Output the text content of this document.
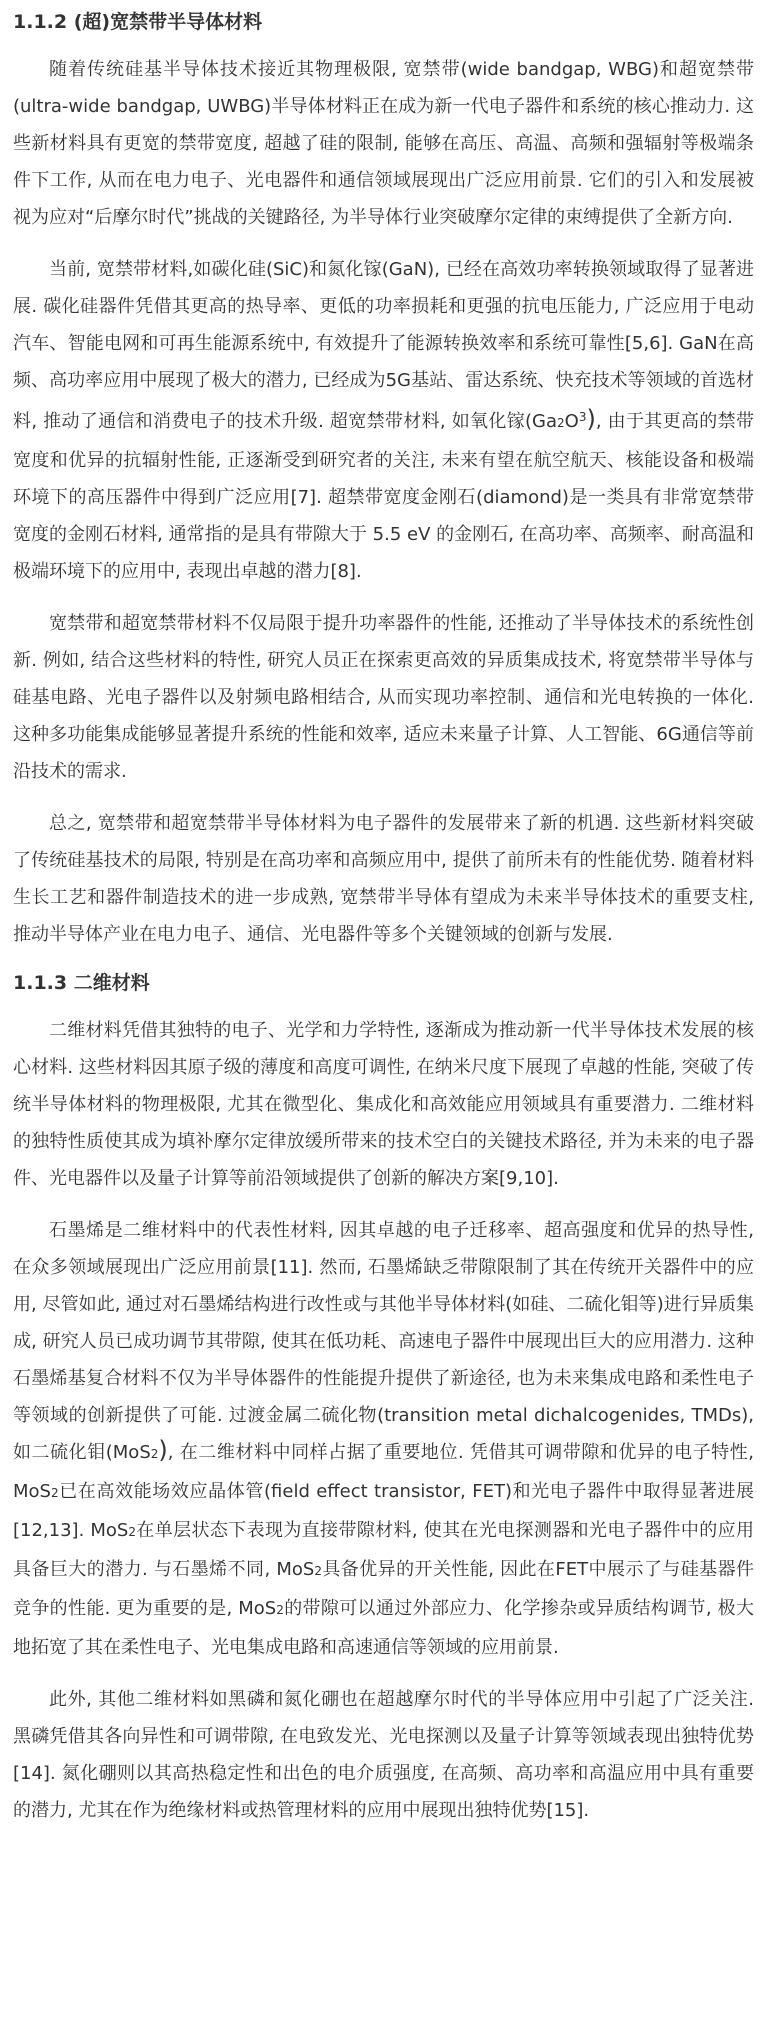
1.1.2 (超)宽禁带半导体材料

随着传统硅基半导体技术接近其物理极限, 宽禁带(wide bandgap, WBG)和超宽禁带(ultra-wide bandgap, UWBG)半导体材料正在成为新一代电子器件和系统的核心推动力. 这些新材料具有更宽的禁带宽度, 超越了硅的限制, 能够在高压、高温、高频和强辐射等极端条件下工作, 从而在电力电子、光电器件和通信领域展现出广泛应用前景. 它们的引入和发展被视为应对“后摩尔时代”挑战的关键路径, 为半导体行业突破摩尔定律的束缚提供了全新方向.

当前, 宽禁带材料,如碳化硅(SiC)和氮化镓(GaN), 已经在高效功率转换领域取得了显著进展. 碳化硅器件凭借其更高的热导率、更低的功率损耗和更强的抗电压能力, 广泛应用于电动汽车、智能电网和可再生能源系统中, 有效提升了能源转换效率和系统可靠性[5,6]. GaN在高频、高功率应用中展现了极大的潜力, 已经成为5G基站、雷达系统、快充技术等领域的首选材料, 推动了通信和消费电子的技术升级. 超宽禁带材料, 如氧化镓$(Ga2O^3)$, 由于其更高的禁带宽度和优异的抗辐射性能, 正逐渐受到研究者的关注, 未来有望在航空航天、核能设备和极端环境下的高压器件中得到广泛应用[7]. 超禁带宽度金刚石(diamond)是一类具有非常宽禁带宽度的金刚石材料, 通常指的是具有带隙大于 5.5 eV 的金刚石, 在高功率、高频率、耐高温和极端环境下的应用中, 表现出卓越的潜力[8].

宽禁带和超宽禁带材料不仅局限于提升功率器件的性能, 还推动了半导体技术的系统性创新. 例如, 结合这些材料的特性, 研究人员正在探索更高效的异质集成技术, 将宽禁带半导体与硅基电路、光电子器件以及射频电路相结合, 从而实现功率控制、通信和光电转换的一体化. 这种多功能集成能够显著提升系统的性能和效率, 适应未来量子计算、人工智能、6G通信等前沿技术的需求.

总之, 宽禁带和超宽禁带半导体材料为电子器件的发展带来了新的机遇. 这些新材料突破了传统硅基技术的局限, 特别是在高功率和高频应用中, 提供了前所未有的性能优势. 随着材料生长工艺和器件制造技术的进一步成熟, 宽禁带半导体有望成为未来半导体技术的重要支柱, 推动半导体产业在电力电子、通信、光电器件等多个关键领域的创新与发展.

1.1.3 二维材料

二维材料凭借其独特的电子、光学和力学特性, 逐渐成为推动新一代半导体技术发展的核心材料. 这些材料因其原子级的薄度和高度可调性, 在纳米尺度下展现了卓越的性能, 突破了传统半导体材料的物理极限, 尤其在微型化、集成化和高效能应用领域具有重要潜力. 二维材料的独特性质使其成为填补摩尔定律放缓所带来的技术空白的关键技术路径, 并为未来的电子器件、光电器件以及量子计算等前沿领域提供了创新的解决方案[9,10].

石墨烯是二维材料中的代表性材料, 因其卓越的电子迁移率、超高强度和优异的热导性, 在众多领域展现出广泛应用前景[11]. 然而, 石墨烯缺乏带隙限制了其在传统开关器件中的应用, 尽管如此, 通过对石墨烯结构进行改性或与其他半导体材料(如硅、二硫化钼等)进行异质集成, 研究人员已成功调节其带隙, 使其在低功耗、高速电子器件中展现出巨大的应用潜力. 这种石墨烯基复合材料不仅为半导体器件的性能提升提供了新途径, 也为未来集成电路和柔性电子等领域的创新提供了可能. 过渡金属二硫化物(transition metal dichalcogenides, TMDs), 如二硫化钼(MoS2), 在二维材料中同样占据了重要地位. 凭借其可调带隙和优异的电子特性, MoS2已在高效能场效应晶体管(field effect transistor, FET)和光电子器件中取得显著进展[12,13]. MoS2在单层状态下表现为直接带隙材料, 使其在光电探测器和光电子器件中的应用具备巨大的潜力. 与石墨烯不同, MoS2具备优异的开关性能, 因此在FET中展示了与硅基器件竞争的性能. 更为重要的是, MoS2的带隙可以通过外部应力、化学掺杂或异质结构调节, 极大地拓宽了其在柔性电子、光电集成电路和高速通信等领域的应用前景.

此外, 其他二维材料如黑磷和氮化硼也在超越摩尔时代的半导体应用中引起了广泛关注. 黑磷凭借其各向异性和可调带隙, 在电致发光、光电探测以及量子计算等领域表现出独特优势[14]. 氮化硼则以其高热稳定性和出色的电介质强度, 在高频、高功率和高温应用中具有重要的潜力, 尤其在作为绝缘材料或热管理材料的应用中展现出独特优势[15].
